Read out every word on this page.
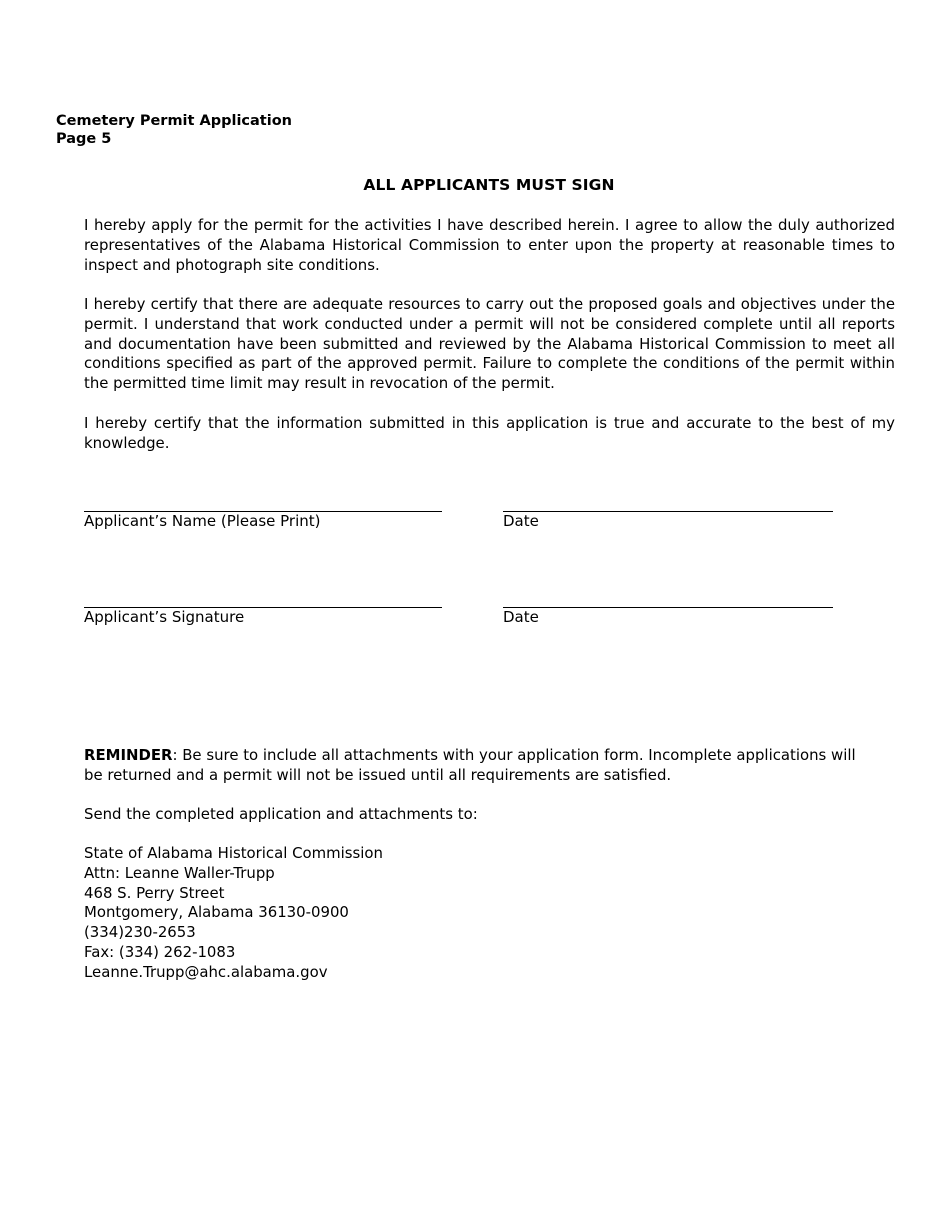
Cemetery Permit Application
Page 5
ALL APPLICANTS MUST SIGN
I hereby apply for the permit for the activities I have described herein. I agree to allow the duly authorized representatives of the Alabama Historical Commission to enter upon the property at reasonable times to inspect and photograph site conditions.
I hereby certify that there are adequate resources to carry out the proposed goals and objectives under the permit. I understand that work conducted under a permit will not be considered complete until all reports and documentation have been submitted and reviewed by the Alabama Historical Commission to meet all conditions specified as part of the approved permit. Failure to complete the conditions of the permit within the permitted time limit may result in revocation of the permit.
I hereby certify that the information submitted in this application is true and accurate to the best of my knowledge.
Applicant’s Name (Please Print)	Date
Applicant’s Signature	Date
REMINDER: Be sure to include all attachments with your application form. Incomplete applications will be returned and a permit will not be issued until all requirements are satisfied.
Send the completed application and attachments to:
State of Alabama Historical Commission
Attn: Leanne Waller-Trupp
468 S. Perry Street
Montgomery, Alabama 36130-0900
(334)230-2653
Fax: (334) 262-1083
Leanne.Trupp@ahc.alabama.gov
